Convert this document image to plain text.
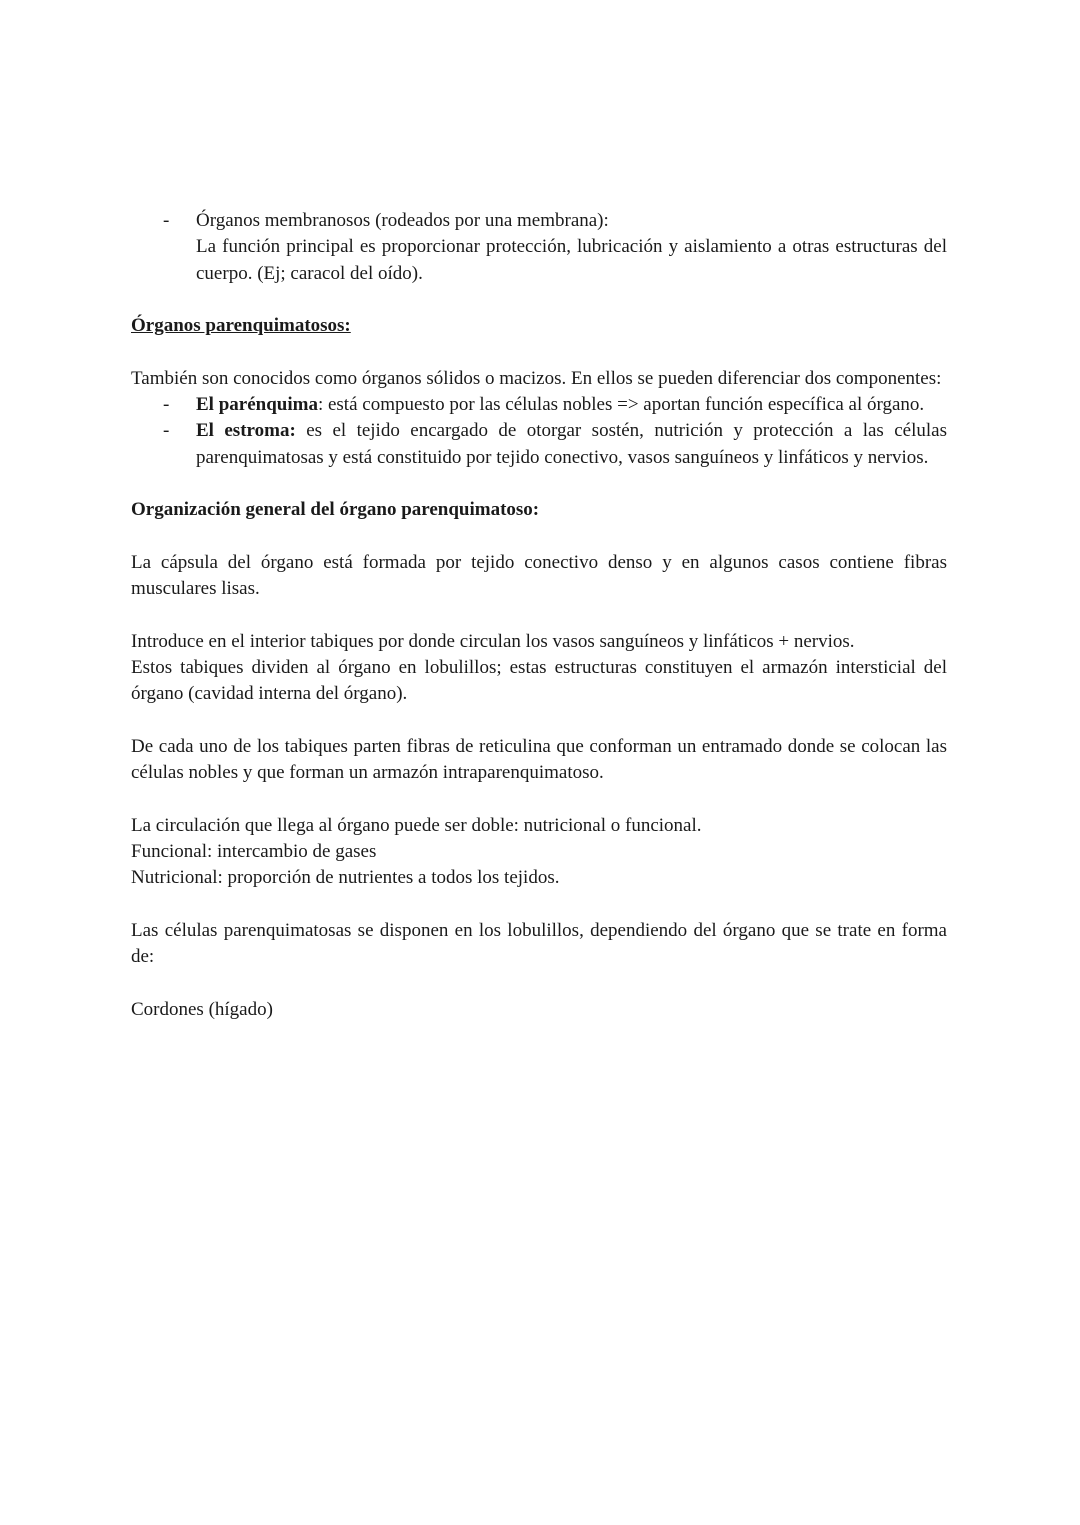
- Órganos membranosos (rodeados por una membrana):
La función principal es proporcionar protección, lubricación y aislamiento a otras estructuras del cuerpo. (Ej; caracol del oído).

Órganos parenquimatosos:

También son conocidos como órganos sólidos o macizos. En ellos se pueden diferenciar dos componentes:

- El parénquima: está compuesto por las células nobles => aportan función específica al órgano.
- El estroma: es el tejido encargado de otorgar sostén, nutrición y protección a las células parenquimatosas y está constituido por tejido conectivo, vasos sanguíneos y linfáticos y nervios.

Organización general del órgano parenquimatoso:

La cápsula del órgano está formada por tejido conectivo denso y en algunos casos contiene fibras musculares lisas.

Introduce en el interior tabiques por donde circulan los vasos sanguíneos y linfáticos + nervios.

Estos tabiques dividen al órgano en lobulillos; estas estructuras constituyen el armazón intersticial del órgano (cavidad interna del órgano).

De cada uno de los tabiques parten fibras de reticulina que conforman un entramado donde se colocan las células nobles y que forman un armazón intraparenquimatoso.

La circulación que llega al órgano puede ser doble: nutricional o funcional.

Funcional: intercambio de gases

Nutricional: proporción de nutrientes a todos los tejidos.

Las células parenquimatosas se disponen en los lobulillos, dependiendo del órgano que se trate en forma de:

Cordones (hígado)
